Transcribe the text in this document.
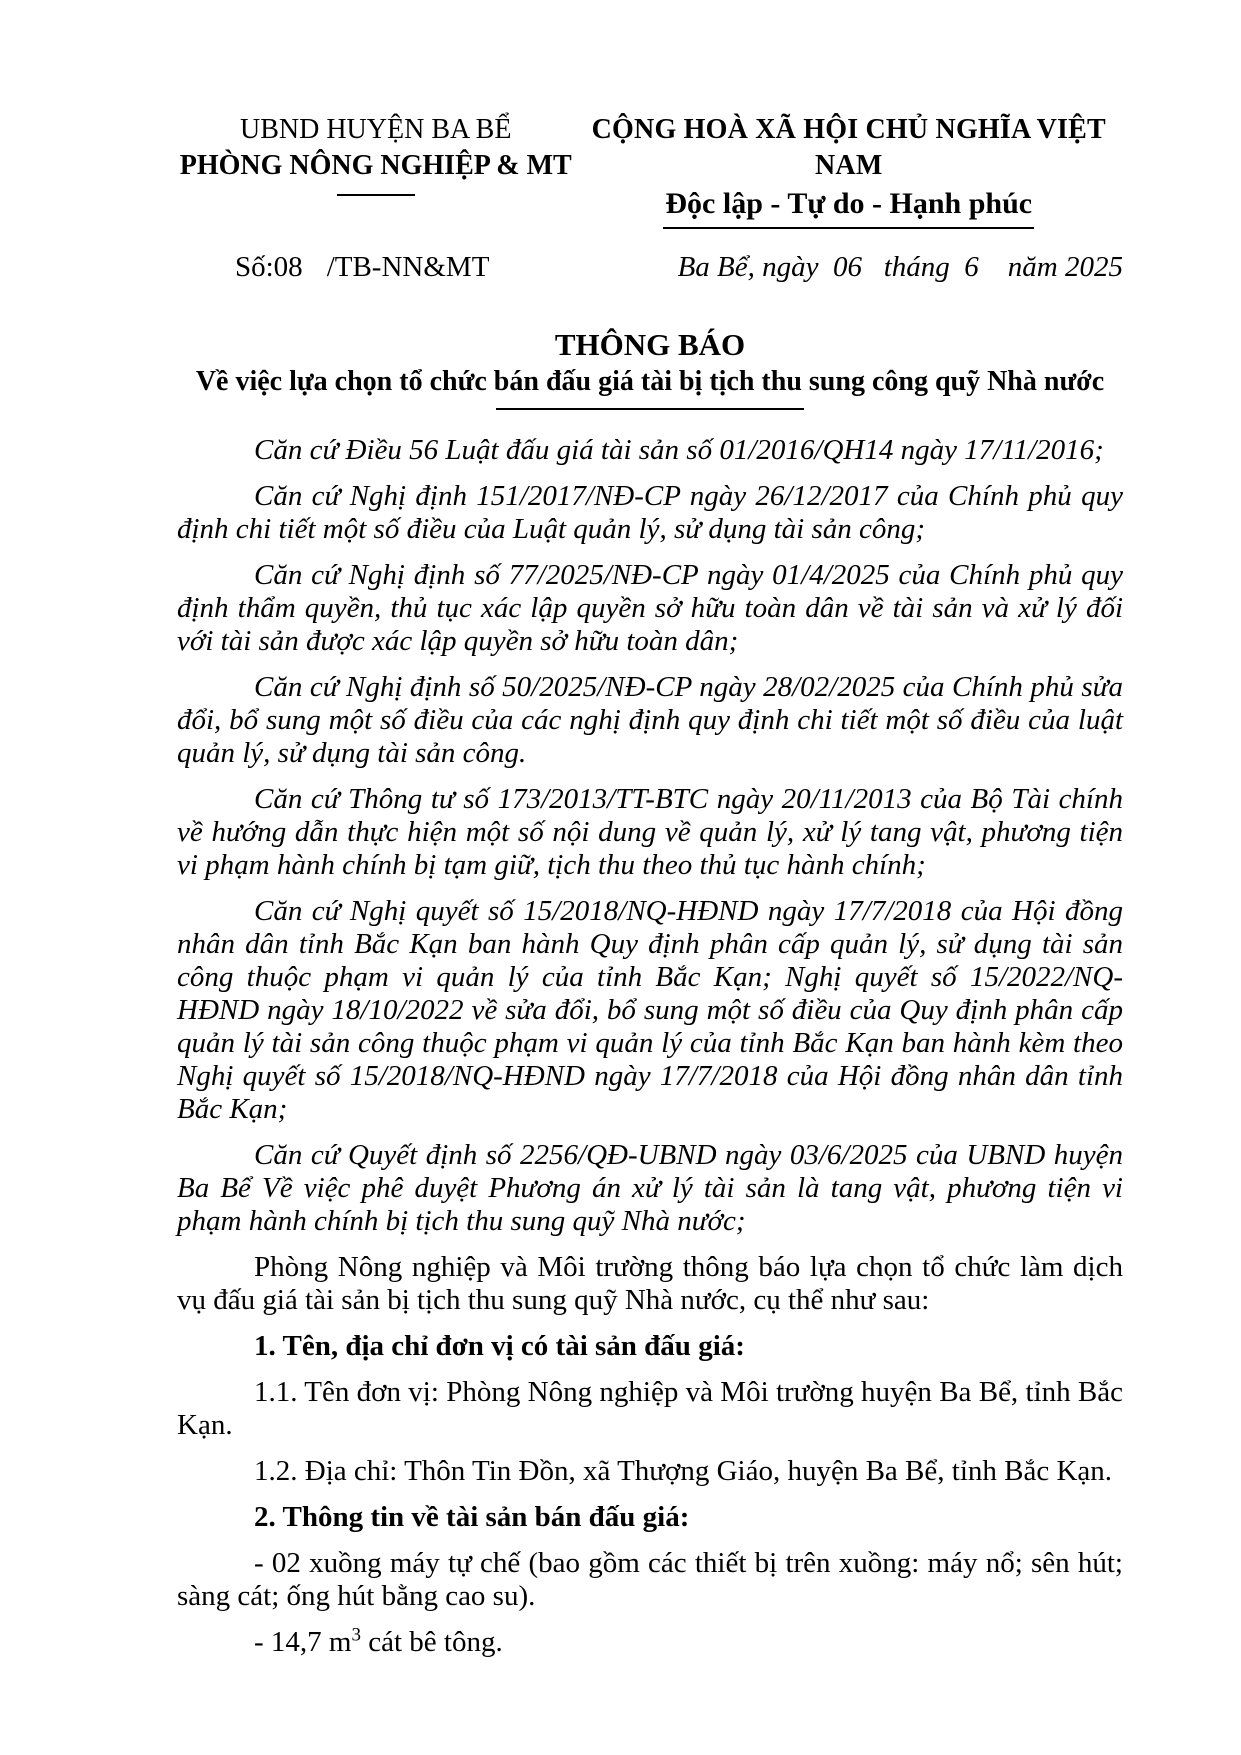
UBND HUYỆN BA BỂ
PHÒNG NÔNG NGHIỆP & MT
CỘNG HOÀ XÃ HỘI CHỦ NGHĨA VIỆT NAM
Độc lập - Tự do - Hạnh phúc
Số:08 /TB-NN&MT	Ba Bể, ngày  06   tháng  6    năm 2025
THÔNG BÁO
Về việc lựa chọn tổ chức bán đấu giá tài bị tịch thu sung công quỹ Nhà nước

Căn cứ Điều 56 Luật đấu giá tài sản số 01/2016/QH14 ngày 17/11/2016;

Căn cứ Nghị định 151/2017/NĐ-CP ngày 26/12/2017 của Chính phủ quy định chi tiết một số điều của Luật quản lý, sử dụng tài sản công;

Căn cứ Nghị định số 77/2025/NĐ-CP ngày 01/4/2025 của Chính phủ quy định thẩm quyền, thủ tục xác lập quyền sở hữu toàn dân về tài sản và xử lý đối với tài sản được xác lập quyền sở hữu toàn dân;

Căn cứ Nghị định số 50/2025/NĐ-CP ngày 28/02/2025 của Chính phủ sửa đổi, bổ sung một số điều của các nghị định quy định chi tiết một số điều của luật quản lý, sử dụng tài sản công.

Căn cứ Thông tư số 173/2013/TT-BTC ngày 20/11/2013 của Bộ Tài chính về hướng dẫn thực hiện một số nội dung về quản lý, xử lý tang vật, phương tiện vi phạm hành chính bị tạm giữ, tịch thu theo thủ tục hành chính;

Căn cứ Nghị quyết số 15/2018/NQ-HĐND ngày 17/7/2018 của Hội đồng nhân dân tỉnh Bắc Kạn ban hành Quy định phân cấp quản lý, sử dụng tài sản công thuộc phạm vi quản lý của tỉnh Bắc Kạn; Nghị quyết số 15/2022/NQ-HĐND ngày 18/10/2022 về sửa đổi, bổ sung một số điều của Quy định phân cấp quản lý tài sản công thuộc phạm vi quản lý của tỉnh Bắc Kạn ban hành kèm theo Nghị quyết số 15/2018/NQ-HĐND ngày 17/7/2018 của Hội đồng nhân dân tỉnh Bắc Kạn;

Căn cứ Quyết định số 2256/QĐ-UBND ngày 03/6/2025 của UBND huyện Ba Bể Về việc phê duyệt Phương án xử lý tài sản là tang vật, phương tiện vi phạm hành chính bị tịch thu sung quỹ Nhà nước;

Phòng Nông nghiệp và Môi trường thông báo lựa chọn tổ chức làm dịch vụ đấu giá tài sản bị tịch thu sung quỹ Nhà nước, cụ thể như sau:

1. Tên, địa chỉ đơn vị có tài sản đấu giá:

1.1. Tên đơn vị: Phòng Nông nghiệp và Môi trường huyện Ba Bể, tỉnh Bắc Kạn.

1.2. Địa chỉ: Thôn Tin Đồn, xã Thượng Giáo, huyện Ba Bể, tỉnh Bắc Kạn.

2. Thông tin về tài sản bán đấu giá:

- 02 xuồng máy tự chế (bao gồm các thiết bị trên xuồng: máy nổ; sên hút; sàng cát; ống hút bằng cao su).

- 14,7 $m^3$ cát bê tông.
